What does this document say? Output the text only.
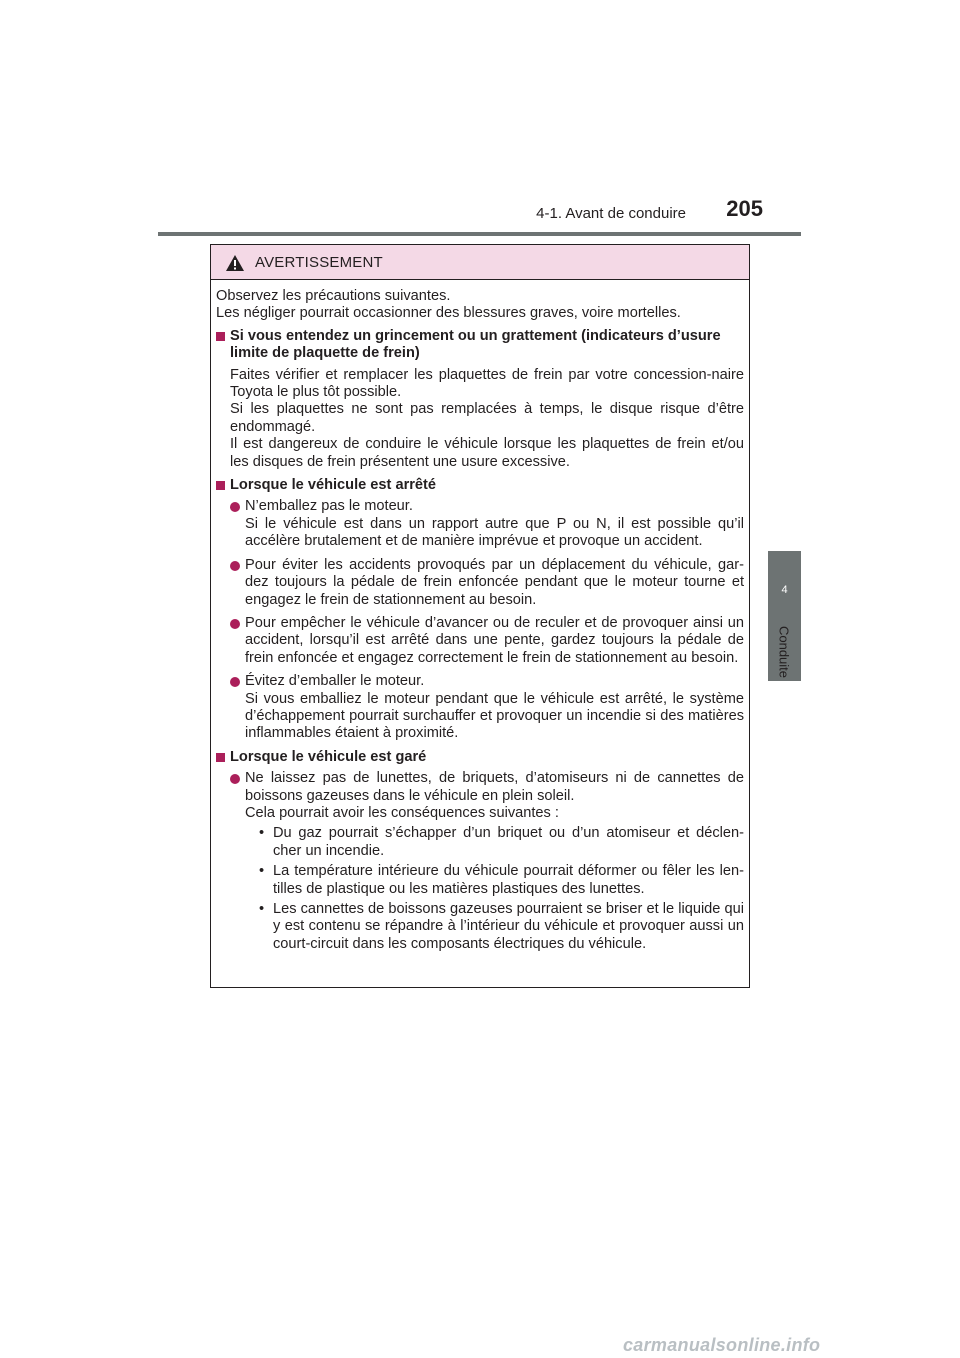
4-1. Avant de conduire	205
4
Conduite
AVERTISSEMENT

Observez les précautions suivantes.

Les négliger pourrait occasionner des blessures graves, voire mortelles.

Si vous entendez un grincement ou un grattement (indicateurs d’usure limite de plaquette de frein)

Faites vérifier et remplacer les plaquettes de frein par votre concession-naire Toyota le plus tôt possible.

Si les plaquettes ne sont pas remplacées à temps, le disque risque d’être endommagé.

Il est dangereux de conduire le véhicule lorsque les plaquettes de frein et/ou les disques de frein présentent une usure excessive.

Lorsque le véhicule est arrêté
N’emballez pas le moteur.
Si le véhicule est dans un rapport autre que P ou N, il est possible qu’il accélère brutalement et de manière imprévue et provoque un accident.
Pour éviter les accidents provoqués par un déplacement du véhicule, gar-dez toujours la pédale de frein enfoncée pendant que le moteur tourne et engagez le frein de stationnement au besoin.
Pour empêcher le véhicule d’avancer ou de reculer et de provoquer ainsi un accident, lorsqu’il est arrêté dans une pente, gardez toujours la pédale de frein enfoncée et engagez correctement le frein de stationnement au besoin.
Évitez d’emballer le moteur.
Si vous emballiez le moteur pendant que le véhicule est arrêté, le système d’échappement pourrait surchauffer et provoquer un incendie si des matières inflammables étaient à proximité.
Lorsque le véhicule est garé
Ne laissez pas de lunettes, de briquets, d’atomiseurs ni de cannettes de boissons gazeuses dans le véhicule en plein soleil.
Cela pourrait avoir les conséquences suivantes :
• Du gaz pourrait s’échapper d’un briquet ou d’un atomiseur et déclen-cher un incendie.
• La température intérieure du véhicule pourrait déformer ou fêler les len-tilles de plastique ou les matières plastiques des lunettes.
• Les cannettes de boissons gazeuses pourraient se briser et le liquide qui y est contenu se répandre à l’intérieur du véhicule et provoquer aussi un court-circuit dans les composants électriques du véhicule.
carmanualsonline.info
